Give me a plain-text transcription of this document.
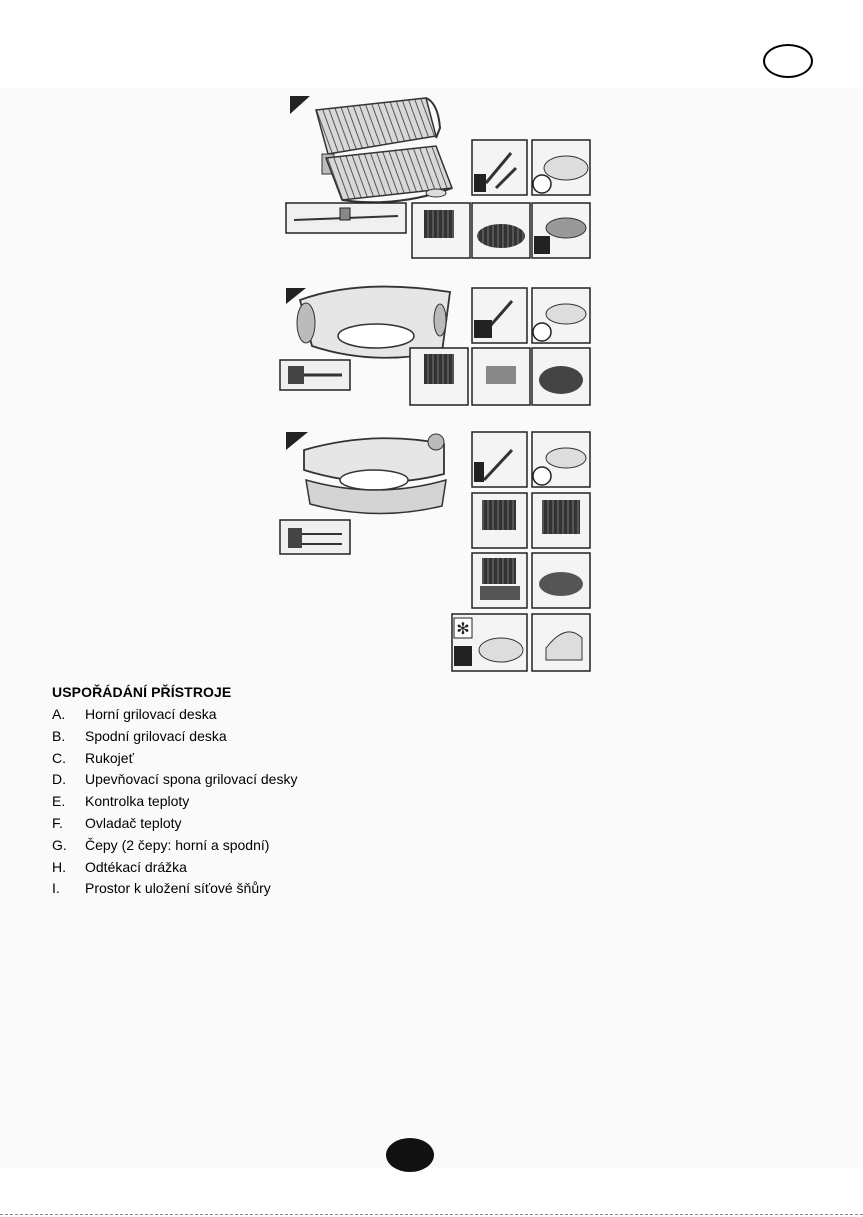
✻
USPOŘÁDÁNÍ PŘÍSTROJE
A.	Horní grilovací deska
B.	Spodní grilovací deska
C.	Rukojeť
D.	Upevňovací spona grilovací desky
E.	Kontrolka teploty
F.	Ovladač teploty
G.	Čepy (2 čepy: horní a spodní)
H.	Odtékací drážka
I.	Prostor k uložení síťové šňůry
